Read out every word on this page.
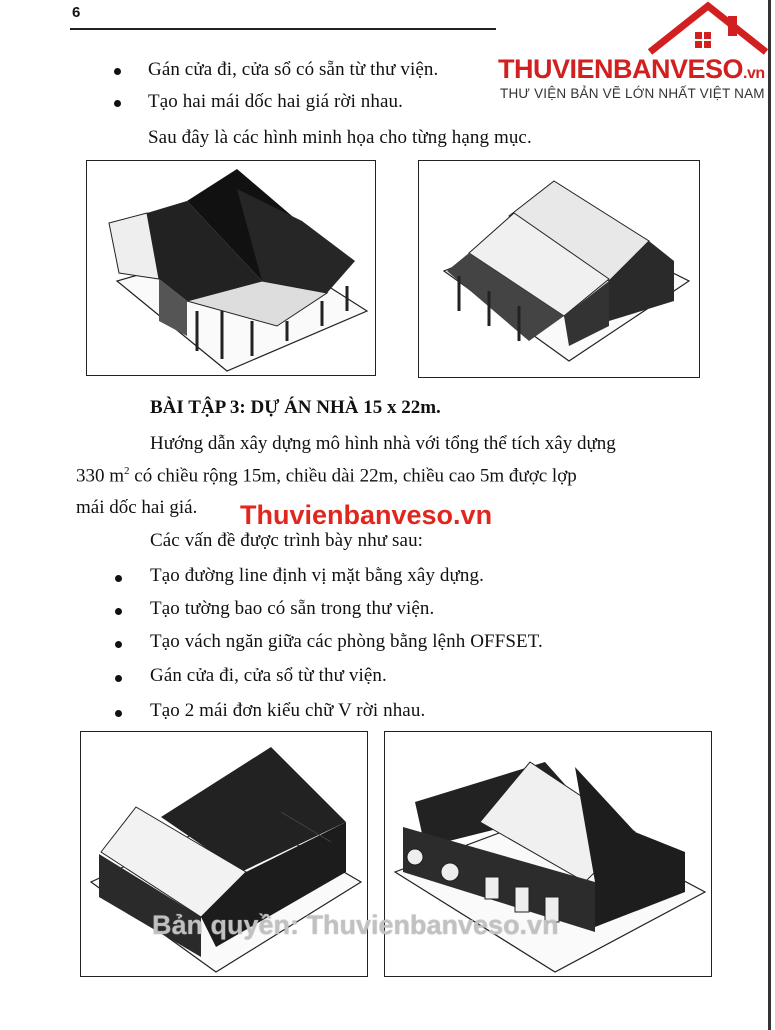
6
THUVIENBANVESO.vn
THƯ VIỆN BẢN VẼ LỚN NHẤT VIỆT NAM
Gán cửa đi, cửa sổ có sẵn từ thư viện.
Tạo hai mái dốc hai giá rời nhau.
Sau đây là các hình minh họa cho từng hạng mục.
BÀI TẬP 3: DỰ ÁN NHÀ 15 x 22m.
Hướng dẫn xây dựng mô hình nhà với tổng thể tích xây dựng
330 $m^2$ có chiều rộng 15m, chiều dài 22m, chiều cao 5m được lợp
mái dốc hai giá. Thuvienbanveso.vn
Các vấn đề được trình bày như sau:
Tạo đường line định vị mặt bằng xây dựng.
Tạo tường bao có sẵn trong thư viện.
Tạo vách ngăn giữa các phòng bằng lệnh OFFSET.
Gán cửa đi, cửa sổ từ thư viện.
Tạo 2 mái đơn kiểu chữ V rời nhau.
Bản quyền: Thuvienbanveso.vn
